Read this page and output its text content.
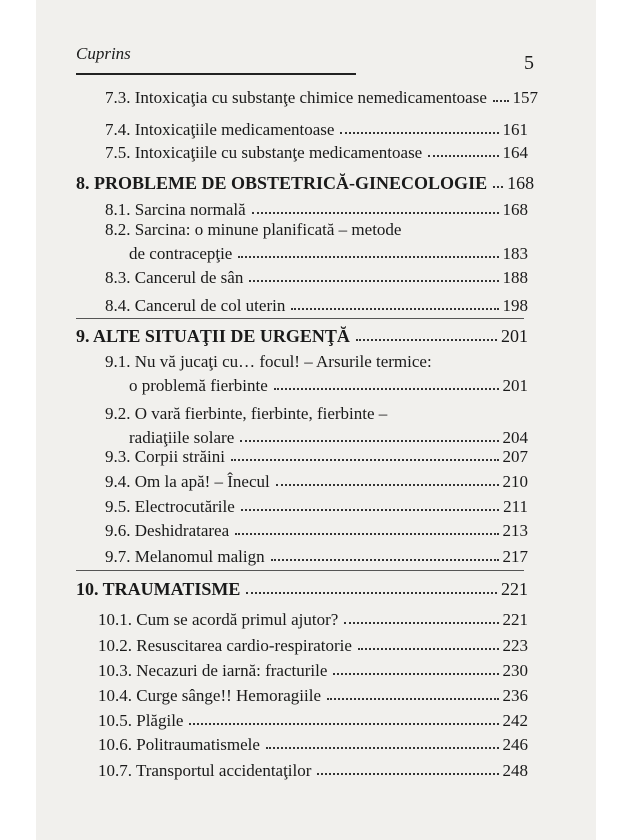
Cuprins	5
7.3. Intoxicaţia cu substanţe chimice nemedicamentoase 157
7.4. Intoxicaţiile medicamentoase	161
7.5. Intoxicaţiile cu substanţe medicamentoase	164
8. PROBLEME DE OBSTETRICĂ-GINECOLOGIE 168
8.1. Sarcina normală	168
8.2. Sarcina: o minune planificată – metode
de contracepţie	183
8.3. Cancerul de sân	188
8.4. Cancerul de col uterin	198
9. ALTE SITUAŢII DE URGENŢĂ	201
9.1. Nu vă jucaţi cu… focul! – Arsurile termice:
o problemă fierbinte	201
9.2. O vară fierbinte, fierbinte, fierbinte –
radiaţiile solare	204
9.3. Corpii străini	207
9.4. Om la apă! – Înecul	210
9.5. Electrocutările	211
9.6. Deshidratarea	213
9.7. Melanomul malign	217
10. TRAUMATISME	221
10.1. Cum se acordă primul ajutor?	221
10.2. Resuscitarea cardio-respiratorie	223
10.3. Necazuri de iarnă: fracturile	230
10.4. Curge sânge!! Hemoragiile	236
10.5. Plăgile	242
10.6. Politraumatismele	246
10.7. Transportul accidentaţilor	248
